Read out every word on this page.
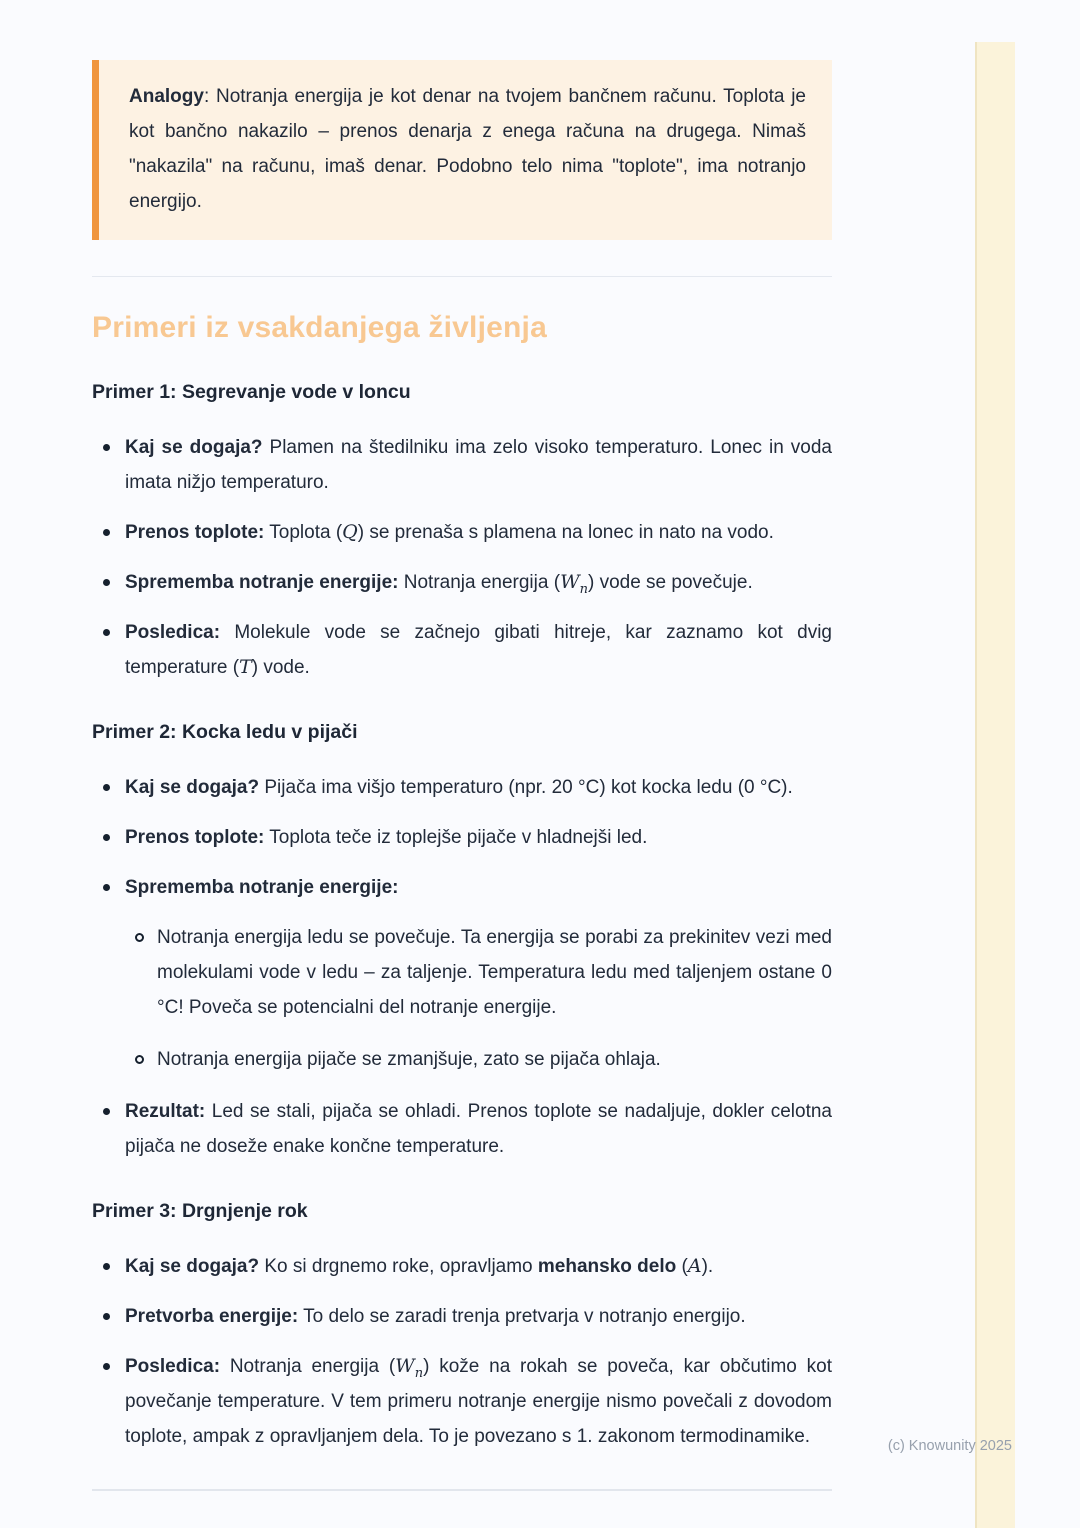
Analogy: Notranja energija je kot denar na tvojem bančnem računu. Toplota je kot bančno nakazilo – prenos denarja z enega računa na drugega. Nimaš "nakazila" na računu, imaš denar. Podobno telo nima "toplote", ima notranjo energijo.
Primeri iz vsakdanjega življenja
Primer 1: Segrevanje vode v loncu
Kaj se dogaja? Plamen na štedilniku ima zelo visoko temperaturo. Lonec in voda imata nižjo temperaturo.
Prenos toplote: Toplota (Q) se prenaša s plamena na lonec in nato na vodo.
Sprememba notranje energije: Notranja energija $(W_n)$ vode se povečuje.
Posledica: Molekule vode se začnejo gibati hitreje, kar zaznamo kot dvig temperature (T) vode.
Primer 2: Kocka ledu v pijači
Kaj se dogaja? Pijača ima višjo temperaturo (npr. 20 °C) kot kocka ledu (0 °C).
Prenos toplote: Toplota teče iz toplejše pijače v hladnejši led.
Sprememba notranje energije:
Notranja energija ledu se povečuje. Ta energija se porabi za prekinitev vezi med molekulami vode v ledu – za taljenje. Temperatura ledu med taljenjem ostane 0 °C! Poveča se potencialni del notranje energije.
Notranja energija pijače se zmanjšuje, zato se pijača ohlaja.
Rezultat: Led se stali, pijača se ohladi. Prenos toplote se nadaljuje, dokler celotna pijača ne doseže enake končne temperature.
Primer 3: Drgnjenje rok
Kaj se dogaja? Ko si drgnemo roke, opravljamo mehansko delo (A).
Pretvorba energije: To delo se zaradi trenja pretvarja v notranjo energijo.
Posledica: Notranja energija $(W_n)$ kože na rokah se poveča, kar občutimo kot povečanje temperature. V tem primeru notranje energije nismo povečali z dovodom toplote, ampak z opravljanjem dela. To je povezano s 1. zakonom termodinamike.	(c) Knowunity 2025
